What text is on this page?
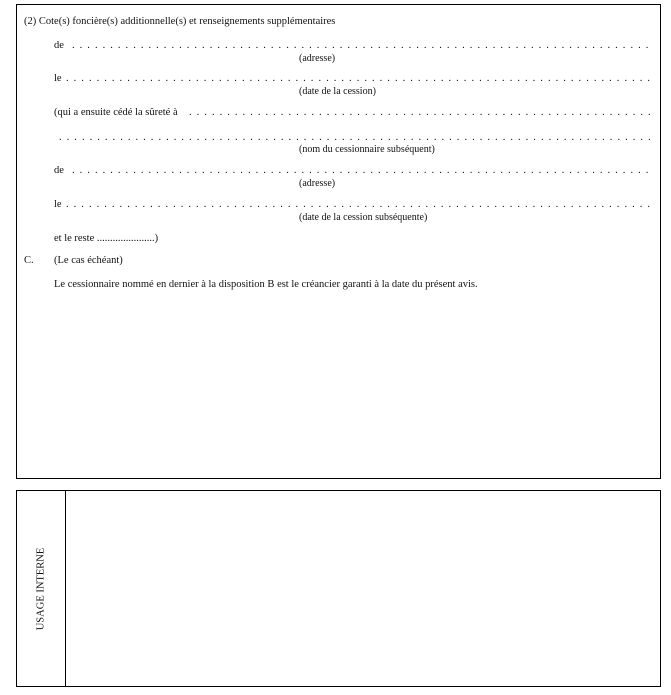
(2) Cote(s) foncière(s) additionnelle(s) et renseignements supplémentaires
de
. . .
(adresse)
le
. . .
(date de la cession)
(qui a ensuite cédé la sûreté à
. . .
. . .
(nom du cessionnaire subséquent)
de
. . .
(adresse)
le
. . .
(date de la cession subséquente)
et le reste ......................)
C. (Le cas échéant)
Le cessionnaire nommé en dernier à la disposition B est le créancier garanti à la date du présent avis.
USAGE INTERNE
